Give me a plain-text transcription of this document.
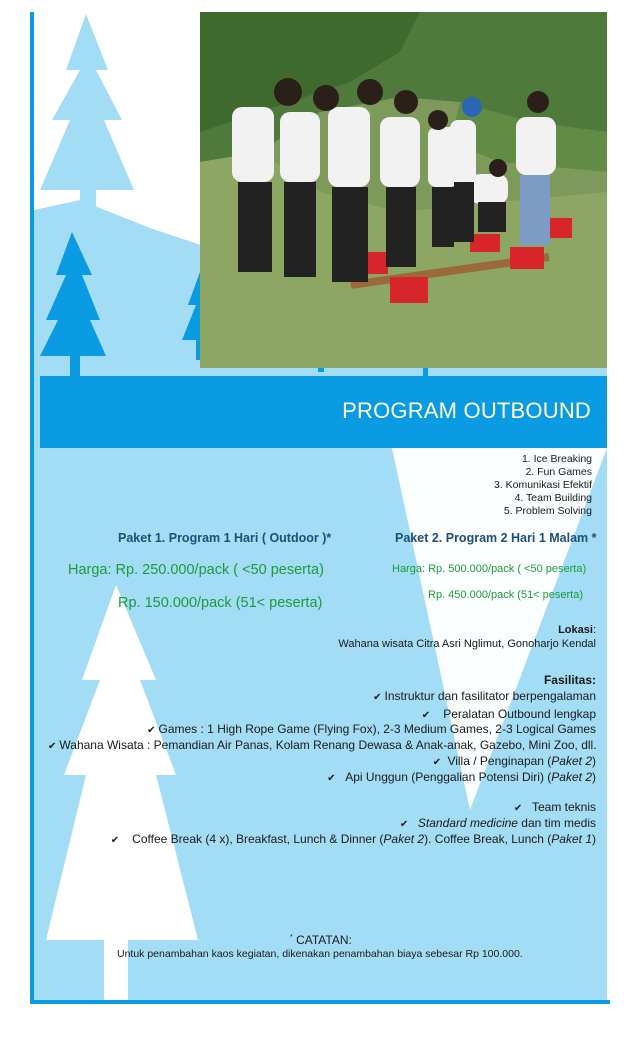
PROGRAM OUTBOUND
1. Ice Breaking
2. Fun Games
3. Komunikasi Efektif
4. Team Building
5. Problem Solving
Paket 1. Program 1 Hari ( Outdoor )*
Harga: Rp. 250.000/pack ( <50 peserta)
Rp. 150.000/pack (51< peserta)
Paket 2. Program 2 Hari 1 Malam *
Harga: Rp. 500.000/pack ( <50 peserta)
Rp. 450.000/pack (51< peserta)
Lokasi:
Wahana wisata Citra Asri Nglimut, Gonoharjo Kendal
Fasilitas:
✔ Instruktur dan fasilitator berpengalaman
✔ Peralatan Outbound lengkap
✔ Games : 1 High Rope Game (Flying Fox), 2-3 Medium Games, 2-3 Logical Games
✔ Wahana Wisata : Pemandian Air Panas, Kolam Renang Dewasa & Anak-anak, Gazebo, Mini Zoo, dll.
✔ Villa / Penginapan (Paket 2)
✔ Api Unggun (Penggalian Potensi Diri) (Paket 2)
✔ Team teknis
✔ Standard medicine dan tim medis
✔ Coffee Break (4 x), Breakfast, Lunch & Dinner (Paket 2). Coffee Break, Lunch (Paket 1)
* CATATAN:
Untuk penambahan kaos kegiatan, dikenakan penambahan biaya sebesar Rp 100.000.
